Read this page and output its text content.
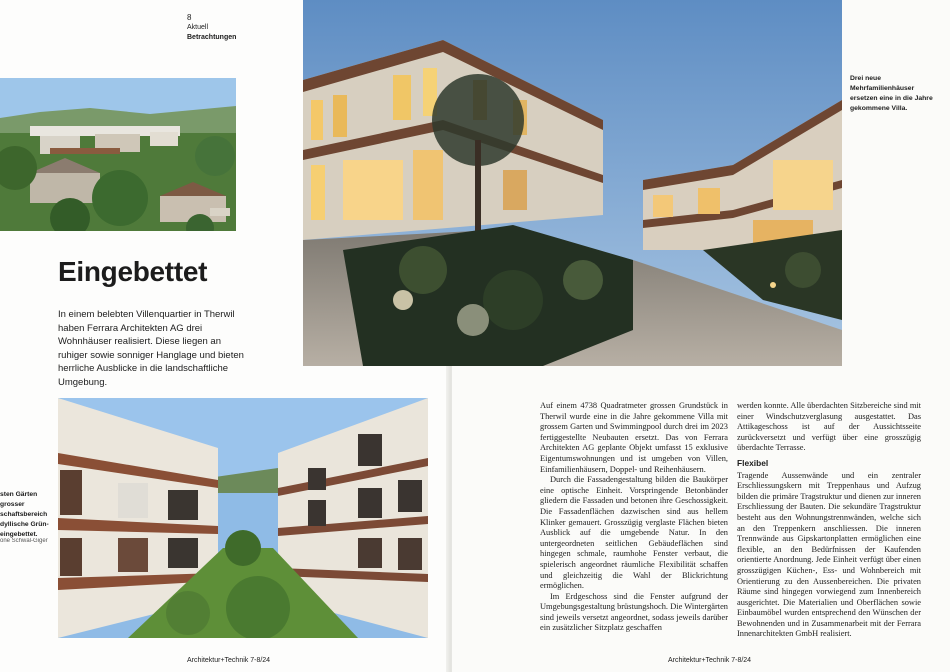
8
Aktuell
Betrachtungen
Eingebettet

In einem belebten Villenquartier in Therwil haben Ferrara Architekten AG drei Wohnhäuser realisiert. Diese liegen an ruhiger sowie sonniger Hanglage und bieten herrliche Ausblicke in die landschaftliche Umgebung.

sten Gärten
grosser
schaftsbereich
dyllische Grün-
eingebettet.
one Schwal-Giger
Architektur+Technik 7-8/24	Architektur+Technik 7-8/24
Drei neue Mehrfamilienhäuser ersetzen eine in die Jahre gekommene Villa.

Auf einem 4738 Quadratmeter grossen Grundstück in Therwil wurde eine in die Jahre gekommene Villa mit grossem Garten und Swimmingpool durch drei im 2023 fertiggestellte Neubauten ersetzt. Das von Ferrara Architekten AG geplante Objekt umfasst 15 exklusive Eigentumswohnungen und ist umgeben von Villen, Einfamilienhäusern, Doppel- und Reihenhäusern.

Durch die Fassadengestaltung bilden die Baukörper eine optische Einheit. Vorspringende Betonbänder gliedern die Fassaden und betonen ihre Geschossigkeit. Die Fassadenflächen dazwischen sind aus hellem Klinker gemauert. Grosszügig verglaste Flächen bieten Ausblick auf die umgebende Natur. In den untergeordneten seitlichen Gebäudeflächen sind hingegen schmale, raumhohe Fenster verbaut, die spielerisch angeordnet räumliche Flexibilität schaffen und gleichzeitig die Wahl der Blickrichtung ermöglichen.

Im Erdgeschoss sind die Fenster aufgrund der Umgebungsgestaltung brüstungshoch. Die Wintergärten sind jeweils versetzt angeordnet, sodass jeweils darüber ein zusätzlicher Sitzplatz geschaffen

werden konnte. Alle überdachten Sitzbereiche sind mit einer Windschutzverglasung ausgestattet. Das Attikageschoss ist auf der Aussichtsseite zurückversetzt und verfügt über eine grosszügig überdachte Terrasse.

Flexibel

Tragende Aussenwände und ein zentraler Erschliessungskern mit Treppenhaus und Aufzug bilden die primäre Tragstruktur und dienen zur inneren Erschliessung der Bauten. Die sekundäre Tragstruktur besteht aus den Wohnungstrennwänden, welche sich an den Treppenkern anschliessen. Die inneren Trennwände aus Gipskartonplatten ermöglichen eine flexible, an den Bedürfnissen der Kaufenden orientierte Anordnung. Jede Einheit verfügt über einen grosszügigen Küchen-, Ess- und Wohnbereich mit Orientierung zu den Aussenbereichen. Die privaten Räume sind hingegen vorwiegend zum Innenbereich ausgerichtet. Die Materialien und Oberflächen sowie Einbaumöbel wurden entsprechend den Wünschen der Bewohnenden und in Zusammenarbeit mit der Ferrara Innenarchitekten GmbH realisiert.
